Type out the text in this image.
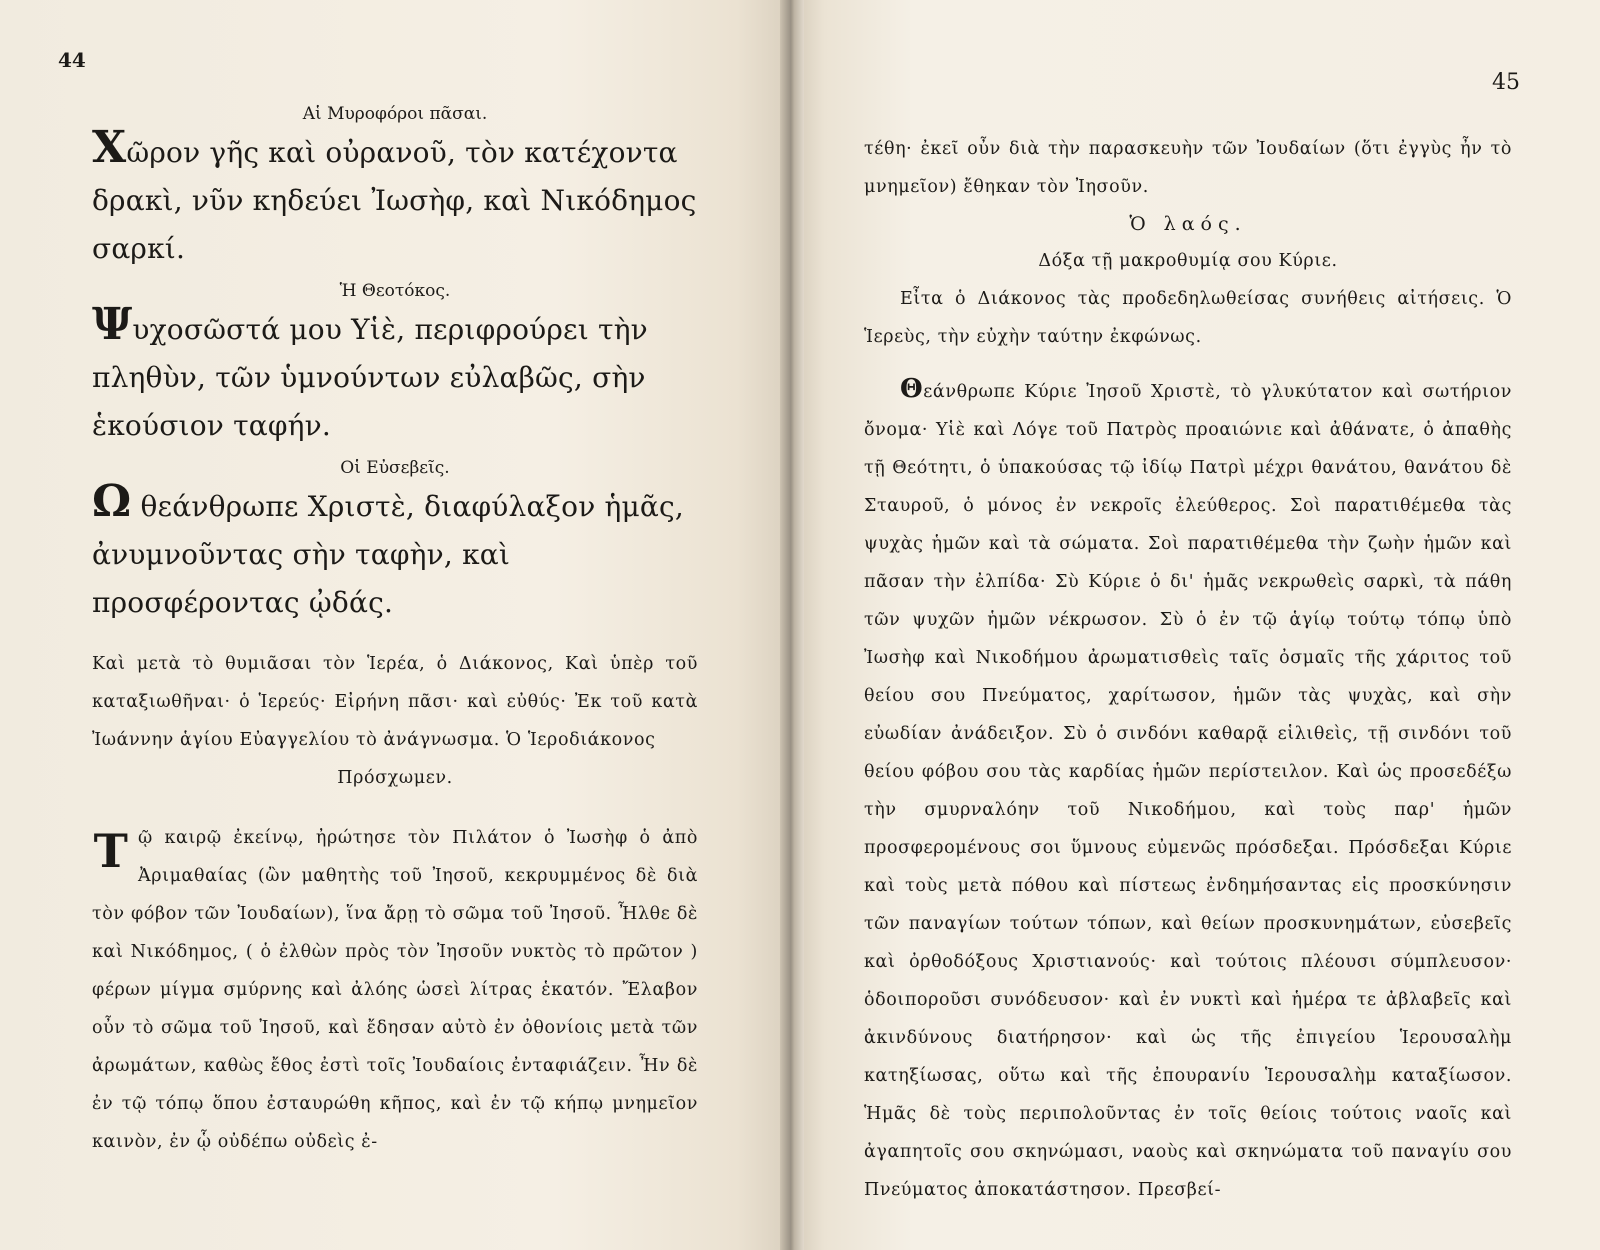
44

Αἱ Μυροφόροι πᾶσαι.

Χῶρον γῆς καὶ οὐρανοῦ, τὸν κατέχοντα δρακὶ, νῦν κηδεύει Ἰωσὴφ, καὶ Νικόδημος σαρκί.

Ἡ Θεοτόκος.

Ψυχοσῶστά μου Υἱὲ, περιφρούρει τὴν πληθὺν, τῶν ὑμνούντων εὐλαβῶς, σὴν ἑκούσιον ταφήν.

Οἱ Εὐσεβεῖς.

Ω θεάνθρωπε Χριστὲ, διαφύλαξον ἡμᾶς, ἀνυμνοῦντας σὴν ταφὴν, καὶ προσφέροντας ᾠδάς.

Καὶ μετὰ τὸ θυμιᾶσαι τὸν Ἱερέα, ὁ Διάκονος, Καὶ ὑπὲρ τοῦ καταξιωθῆναι· ὁ Ἱερεύς· Εἰρήνη πᾶσι· καὶ εὐθύς· Ἐκ τοῦ κατὰ Ἰωάννην ἁγίου Εὐαγγελίου τὸ ἀνάγνωσμα. Ὁ Ἱεροδιάκονος

Πρόσχωμεν.

Τῷ καιρῷ ἐκείνῳ, ἠρώτησε τὸν Πιλάτον ὁ Ἰωσὴφ ὁ ἀπὸ Ἀριμαθαίας (ὢν μαθητὴς τοῦ Ἰησοῦ, κεκρυμμένος δὲ διὰ τὸν φόβον τῶν Ἰουδαίων), ἵνα ἄρῃ τὸ σῶμα τοῦ Ἰησοῦ. Ἦλθε δὲ καὶ Νικόδημος, ( ὁ ἐλθὼν πρὸς τὸν Ἰησοῦν νυκτὸς τὸ πρῶτον ) φέρων μίγμα σμύρνης καὶ ἀλόης ὡσεὶ λίτρας ἑκατόν. Ἔλαβον οὖν τὸ σῶμα τοῦ Ἰησοῦ, καὶ ἔδησαν αὐτὸ ἐν ὀθονίοις μετὰ τῶν ἀρωμάτων, καθὼς ἔθος ἐστὶ τοῖς Ἰουδαίοις ἐνταφιάζειν. Ἦν δὲ ἐν τῷ τόπῳ ὅπου ἐσταυρώθη κῆπος, καὶ ἐν τῷ κήπῳ μνημεῖον καινὸν, ἐν ᾧ οὐδέπω οὐδεὶς ἐ-

45

τέθη· ἐκεῖ οὖν διὰ τὴν παρασκευὴν τῶν Ἰουδαίων (ὅτι ἐγγὺς ἦν τὸ μνημεῖον) ἔθηκαν τὸν Ἰησοῦν.

Ὁ λαός.

Δόξα τῇ μακροθυμίᾳ σου Κύριε.

Εἶτα ὁ Διάκονος τὰς προδεδηλωθείσας συνήθεις αἰτήσεις. Ὁ Ἱερεὺς, τὴν εὐχὴν ταύτην ἐκφώνως.

Θεάνθρωπε Κύριε Ἰησοῦ Χριστὲ, τὸ γλυκύτατον καὶ σωτήριον ὄνομα· Υἱὲ καὶ Λόγε τοῦ Πατρὸς προαιώνιε καὶ ἀθάνατε, ὁ ἀπαθὴς τῇ Θεότητι, ὁ ὑπακούσας τῷ ἰδίῳ Πατρὶ μέχρι θανάτου, θανάτου δὲ Σταυροῦ, ὁ μόνος ἐν νεκροῖς ἐλεύθερος. Σοὶ παρατιθέμεθα τὰς ψυχὰς ἡμῶν καὶ τὰ σώματα. Σοὶ παρατιθέμεθα τὴν ζωὴν ἡμῶν καὶ πᾶσαν τὴν ἐλπίδα· Σὺ Κύριε ὁ δι' ἡμᾶς νεκρωθεὶς σαρκὶ, τὰ πάθη τῶν ψυχῶν ἡμῶν νέκρωσον. Σὺ ὁ ἐν τῷ ἁγίῳ τούτῳ τόπῳ ὑπὸ Ἰωσὴφ καὶ Νικοδήμου ἀρωματισθεὶς ταῖς ὀσμαῖς τῆς χάριτος τοῦ θείου σου Πνεύματος, χαρίτωσον, ἡμῶν τὰς ψυχὰς, καὶ σὴν εὐωδίαν ἀνάδειξον. Σὺ ὁ σινδόνι καθαρᾷ εἱλιθεὶς, τῇ σινδόνι τοῦ θείου φόβου σου τὰς καρδίας ἡμῶν περίστειλον. Καὶ ὡς προσεδέξω τὴν σμυρναλόην τοῦ Νικοδήμου, καὶ τοὺς παρ' ἡμῶν προσφερομένους σοι ὕμνους εὐμενῶς πρόσδεξαι. Πρόσδεξαι Κύριε καὶ τοὺς μετὰ πόθου καὶ πίστεως ἐνδημήσαντας εἰς προσκύνησιν τῶν παναγίων τούτων τόπων, καὶ θείων προσκυνημάτων, εὐσεβεῖς καὶ ὀρθοδόξους Χριστιανούς· καὶ τούτοις πλέουσι σύμπλευσον· ὁδοιποροῦσι συνόδευσον· καὶ ἐν νυκτὶ καὶ ἡμέρα τε ἀβλαβεῖς καὶ ἀκινδύνους διατήρησον· καὶ ὡς τῆς ἐπιγείου Ἱερουσαλὴμ κατηξίωσας, οὕτω καὶ τῆς ἐπουρανίυ Ἱερουσαλὴμ καταξίωσον. Ἡμᾶς δὲ τοὺς περιπολοῦντας ἐν τοῖς θείοις τούτοις ναοῖς καὶ ἀγαπητοῖς σου σκηνώμασι, ναοὺς καὶ σκηνώματα τοῦ παναγίυ σου Πνεύματος ἀποκατάστησον. Πρεσβεί-
